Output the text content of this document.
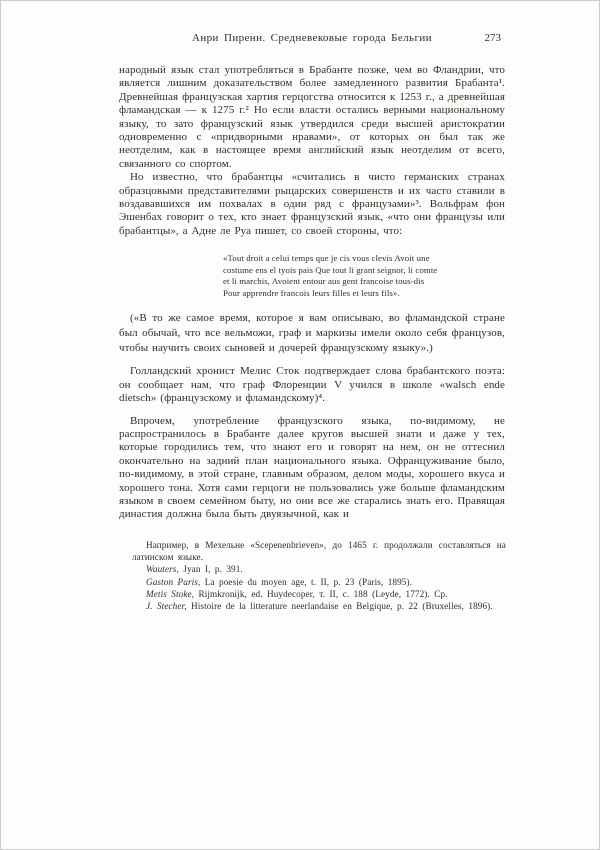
Анри Пиренн. Средневековые города Бельгии	273

народный язык стал употребляться в Брабанте позже, чем во Фландрии, что является лишним доказательством более замедленного развития Брабанта¹. Древнейшая французская хартия герцогства относится к 1253 г., а древнейшая фламандская — к 1275 г.² Но если власти остались верными национальному языку, то зато французский язык утвердился среди высшей аристократии одновременно с «придворными нравами», от которых он был так же неотделим, как в настоящее время английский язык неотделим от всего, связанного со спортом.

Но известно, что брабантцы «считались в чисто германских странах образцовыми представителями рыцарских совершенств и их часто ставили в воздававшихся им похвалах в один ряд с французами»³. Вольфрам фон Эшенбах говорит о тех, кто знает французский язык, «что они французы или брабантцы», а Адне ле Руа пишет, со своей стороны, что:

«Tout droit a celui temps que je cis vous clevis Avoit une
costume ens el tyois pais Que tout li grant seignor, li comte
et li marchis, Avoient entour aus gent francoise tous-dis
Pour apprendre francois leurs filles et leurs fils».

(«В то же самое время, которое я вам описываю, во фламандской стране был обычай, что все вельможи, граф и маркизы имели около себя французов, чтобы научить своих сыновей и дочерей французскому языку».)

Голландский хронист Мелис Сток подтверждает слова брабантского поэта: он сообщает нам, что граф Флоренции V учился в школе «walsch ende dietsch» (французскому и фламандскому)⁴.

Впрочем, употребление французского языка, по-видимому, не распространилось в Брабанте далее кругов высшей знати и даже у тех, которые городились тем, что знают его и говорят на нем, он не оттеснил окончательно на задний план национального языка. Офранцуживание было, по-видимому, в этой стране, главным образом, делом моды, хорошего вкуса и хорошего тона. Хотя сами герцоги не пользовались уже больше фламандским языком в своем семейном быту, но они все же старались знать его. Правящая династия должна была быть двуязычной, как и

Например, в Мехельне «Scepenenbrieven», до 1465 г. продолжали составляться на латинском языке.

Wauters, Jyan I, p. 391.

Gaston Paris, La poesie du moyen age, t. II, p. 23 (Paris, 1895).

Metis Stoke, Rijmkronijk, ed. Huydecoper, т. II, c. 188 (Leyde, 1772). Ср.

J. Stecher, Histoire de la litterature neerlandaise en Belgique, p. 22 (Bruxelles, 1896).
